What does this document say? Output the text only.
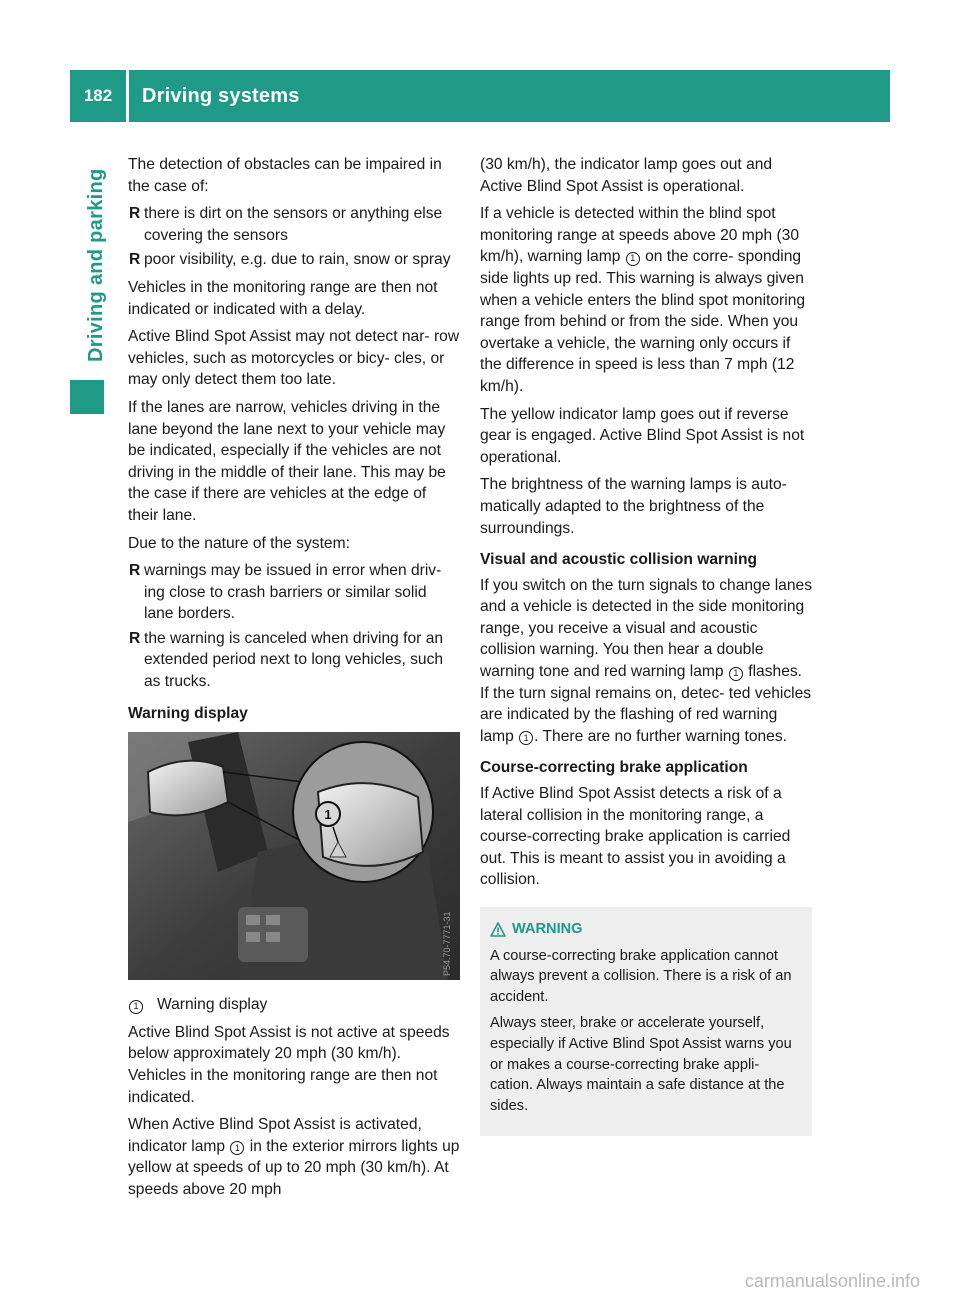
182	Driving systems
Driving and parking

The detection of obstacles can be impaired in the case of:

R there is dirt on the sensors or anything else covering the sensors
R poor visibility, e.g. due to rain, snow or spray

Vehicles in the monitoring range are then not indicated or indicated with a delay.

Active Blind Spot Assist may not detect nar- row vehicles, such as motorcycles or bicy- cles, or may only detect them too late.

If the lanes are narrow, vehicles driving in the lane beyond the lane next to your vehicle may be indicated, especially if the vehicles are not driving in the middle of their lane. This may be the case if there are vehicles at the edge of their lane.

Due to the nature of the system:

R warnings may be issued in error when driv- ing close to crash barriers or similar solid lane borders.
R the warning is canceled when driving for an extended period next to long vehicles, such as trucks.

Warning display

1
P54.70-7771-31

1 Warning display

Active Blind Spot Assist is not active at speeds below approximately 20 mph (30 km/h). Vehicles in the monitoring range are then not indicated.

When Active Blind Spot Assist is activated, indicator lamp 1 in the exterior mirrors lights up yellow at speeds of up to 20 mph (30 km/h). At speeds above 20 mph

(30 km/h), the indicator lamp goes out and Active Blind Spot Assist is operational.

If a vehicle is detected within the blind spot monitoring range at speeds above 20 mph (30 km/h), warning lamp 1 on the corre- sponding side lights up red. This warning is always given when a vehicle enters the blind spot monitoring range from behind or from the side. When you overtake a vehicle, the warning only occurs if the difference in speed is less than 7 mph (12 km/h).

The yellow indicator lamp goes out if reverse gear is engaged. Active Blind Spot Assist is not operational.

The brightness of the warning lamps is auto- matically adapted to the brightness of the surroundings.

Visual and acoustic collision warning

If you switch on the turn signals to change lanes and a vehicle is detected in the side monitoring range, you receive a visual and acoustic collision warning. You then hear a double warning tone and red warning lamp 1 flashes. If the turn signal remains on, detec- ted vehicles are indicated by the flashing of red warning lamp 1 . There are no further warning tones.

Course-correcting brake application

If Active Blind Spot Assist detects a risk of a lateral collision in the monitoring range, a course-correcting brake application is carried out. This is meant to assist you in avoiding a collision.

WARNING

A course-correcting brake application cannot always prevent a collision. There is a risk of an accident.

Always steer, brake or accelerate yourself, especially if Active Blind Spot Assist warns you or makes a course-correcting brake appli- cation. Always maintain a safe distance at the sides.

carmanualsonline.info
